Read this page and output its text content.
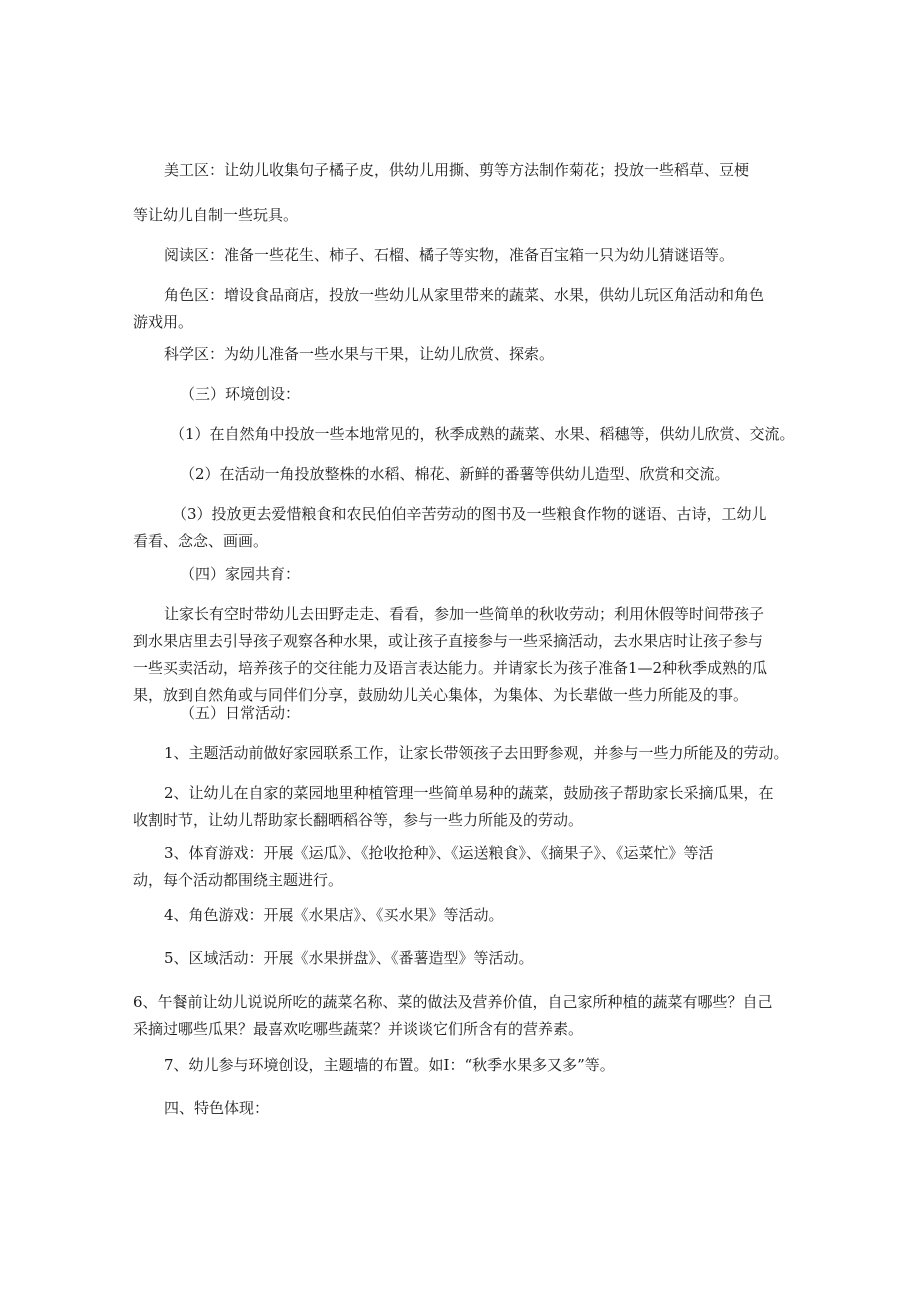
美工区：让幼儿收集句子橘子皮，供幼儿用撕、剪等方法制作菊花；投放一些稻草、豆梗
等让幼儿自制一些玩具。
阅读区：准备一些花生、柿子、石榴、橘子等实物，准备百宝箱一只为幼儿猜谜语等。
角色区：增设食品商店，投放一些幼儿从家里带来的蔬菜、水果，供幼儿玩区角活动和角色
游戏用。
科学区：为幼儿准备一些水果与干果，让幼儿欣赏、探索。
（三）环境创设：
（1）在自然角中投放一些本地常见的，秋季成熟的蔬菜、水果、稻穗等，供幼儿欣赏、交流。
（2）在活动一角投放整株的水稻、棉花、新鲜的番薯等供幼儿造型、欣赏和交流。
（3）投放更去爱惜粮食和农民伯伯辛苦劳动的图书及一些粮食作物的谜语、古诗，工幼儿
看看、念念、画画。
（四）家园共育：
让家长有空时带幼儿去田野走走、看看，参加一些简单的秋收劳动；利用休假等时间带孩子
到水果店里去引导孩子观察各种水果，或让孩子直接参与一些采摘活动，去水果店时让孩子参与
一些买卖活动，培养孩子的交往能力及语言表达能力。并请家长为孩子准备1—2种秋季成熟的瓜
果，放到自然角或与同伴们分享，鼓励幼儿关心集体，为集体、为长辈做一些力所能及的事。
（五）日常活动：
1、主题活动前做好家园联系工作，让家长带领孩子去田野参观，并参与一些力所能及的劳动。
2、让幼儿在自家的菜园地里种植管理一些简单易种的蔬菜，鼓励孩子帮助家长采摘瓜果，在
收割时节，让幼儿帮助家长翻晒稻谷等，参与一些力所能及的劳动。
3、体育游戏：开展《运瓜》、《抢收抢种》、《运送粮食》、《摘果子》、《运菜忙》等活
动，每个活动都围绕主题进行。
4、角色游戏：开展《水果店》、《买水果》等活动。
5、区域活动：开展《水果拼盘》、《番薯造型》等活动。
6、午餐前让幼儿说说所吃的蔬菜名称、菜的做法及营养价值，自己家所种植的蔬菜有哪些？自己
采摘过哪些瓜果？最喜欢吃哪些蔬菜？并谈谈它们所含有的营养素。
7、幼儿参与环境创设，主题墙的布置。如I：“秋季水果多又多”等。
四、特色体现：
